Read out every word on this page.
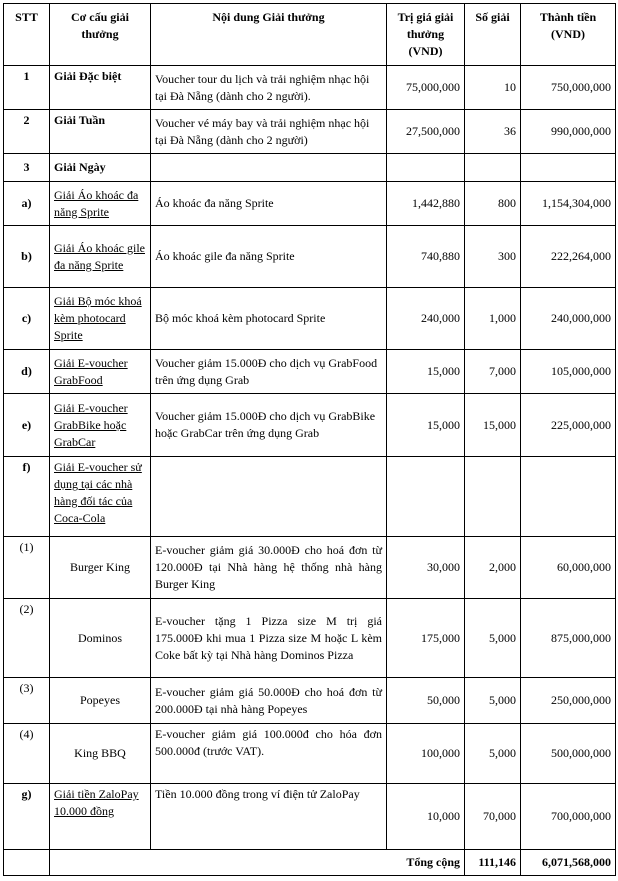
STT	Cơ cấu giải thưởng	Nội dung Giải thưởng	Trị giá giải thưởng (VND)	Số giải	Thành tiền (VND)
1	Giải Đặc biệt	Voucher tour du lịch và trải nghiệm nhạc hội tại Đà Nẵng (dành cho 2 người).	75,000,000	10	750,000,000
2	Giải Tuần	Voucher vé máy bay và trải nghiệm nhạc hội tại Đà Nẵng (dành cho 2 người)	27,500,000	36	990,000,000
3	Giải Ngày				
a)	Giải Áo khoác đa năng Sprite	Áo khoác đa năng Sprite	1,442,880	800	1,154,304,000
b)	Giải Áo khoác gile đa năng Sprite	Áo khoác gile đa năng Sprite	740,880	300	222,264,000
c)	Giải Bộ móc khoá kèm photocard Sprite	Bộ móc khoá kèm photocard Sprite	240,000	1,000	240,000,000
d)	Giải E-voucher GrabFood	Voucher giảm 15.000Đ cho dịch vụ GrabFood trên ứng dụng Grab	15,000	7,000	105,000,000
e)	Giải E-voucher GrabBike hoặc GrabCar	Voucher giảm 15.000Đ cho dịch vụ GrabBike hoặc GrabCar trên ứng dụng Grab	15,000	15,000	225,000,000
f)	Giải E-voucher sử dụng tại các nhà hàng đối tác của Coca-Cola				
(1)	Burger King	E-voucher giảm giá 30.000Đ cho hoá đơn từ 120.000Đ tại Nhà hàng hệ thống nhà hàng Burger King	30,000	2,000	60,000,000
(2)	Dominos	E-voucher tặng 1 Pizza size M trị giá 175.000Đ khi mua 1 Pizza size M hoặc L kèm Coke bất kỳ tại Nhà hàng Dominos Pizza	175,000	5,000	875,000,000
(3)	Popeyes	E-voucher giảm giá 50.000Đ cho hoá đơn từ 200.000Đ tại nhà hàng Popeyes	50,000	5,000	250,000,000
(4)	King BBQ	E-voucher giảm giá 100.000đ cho hóa đơn 500.000đ (trước VAT).	100,000	5,000	500,000,000
g)	Giải tiền ZaloPay 10.000 đồng	Tiền 10.000 đồng trong ví điện tử ZaloPay	10,000	70,000	700,000,000
	Tổng cộng			111,146	6,071,568,000
